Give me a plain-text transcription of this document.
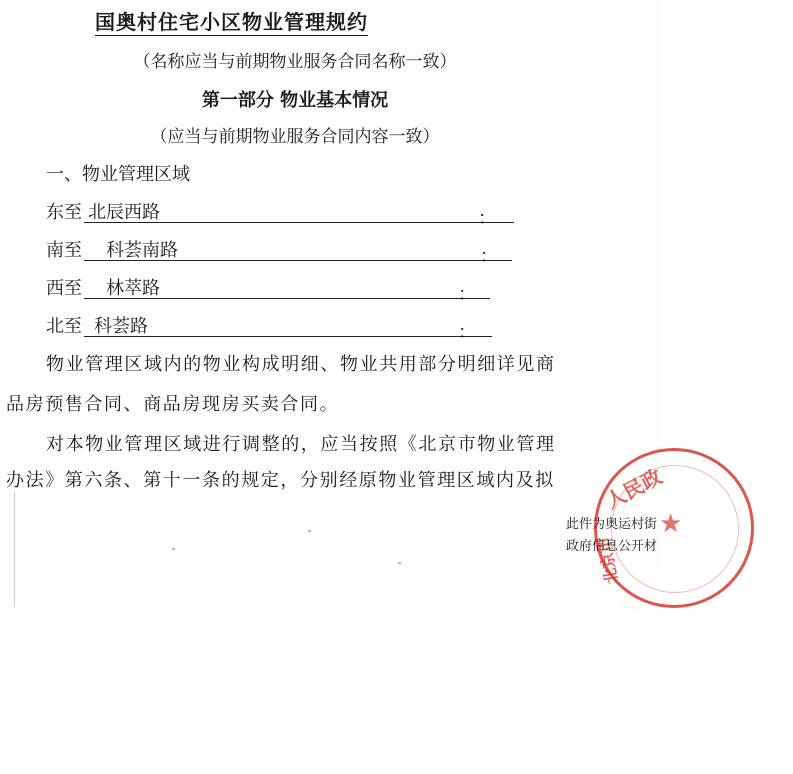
国奥村住宅小区物业管理规约
（名称应当与前期物业服务合同名称一致）
第一部分 物业基本情况
（应当与前期物业服务合同内容一致）
一、物业管理区域
东至 北辰西路	：
南至	科荟南路	：
西至	林萃路	：
北至 科荟路	：
物业管理区域内的物业构成明细、物业共用部分明细详见商
品房预售合同、商品房现房买卖合同。
对本物业管理区域进行调整的，应当按照《北京市物业管理
办法》第六条、第十一条的规定，分别经原物业管理区域内及拟 人民政
北京市
★
此件为奥运村街
政府信息公开材
